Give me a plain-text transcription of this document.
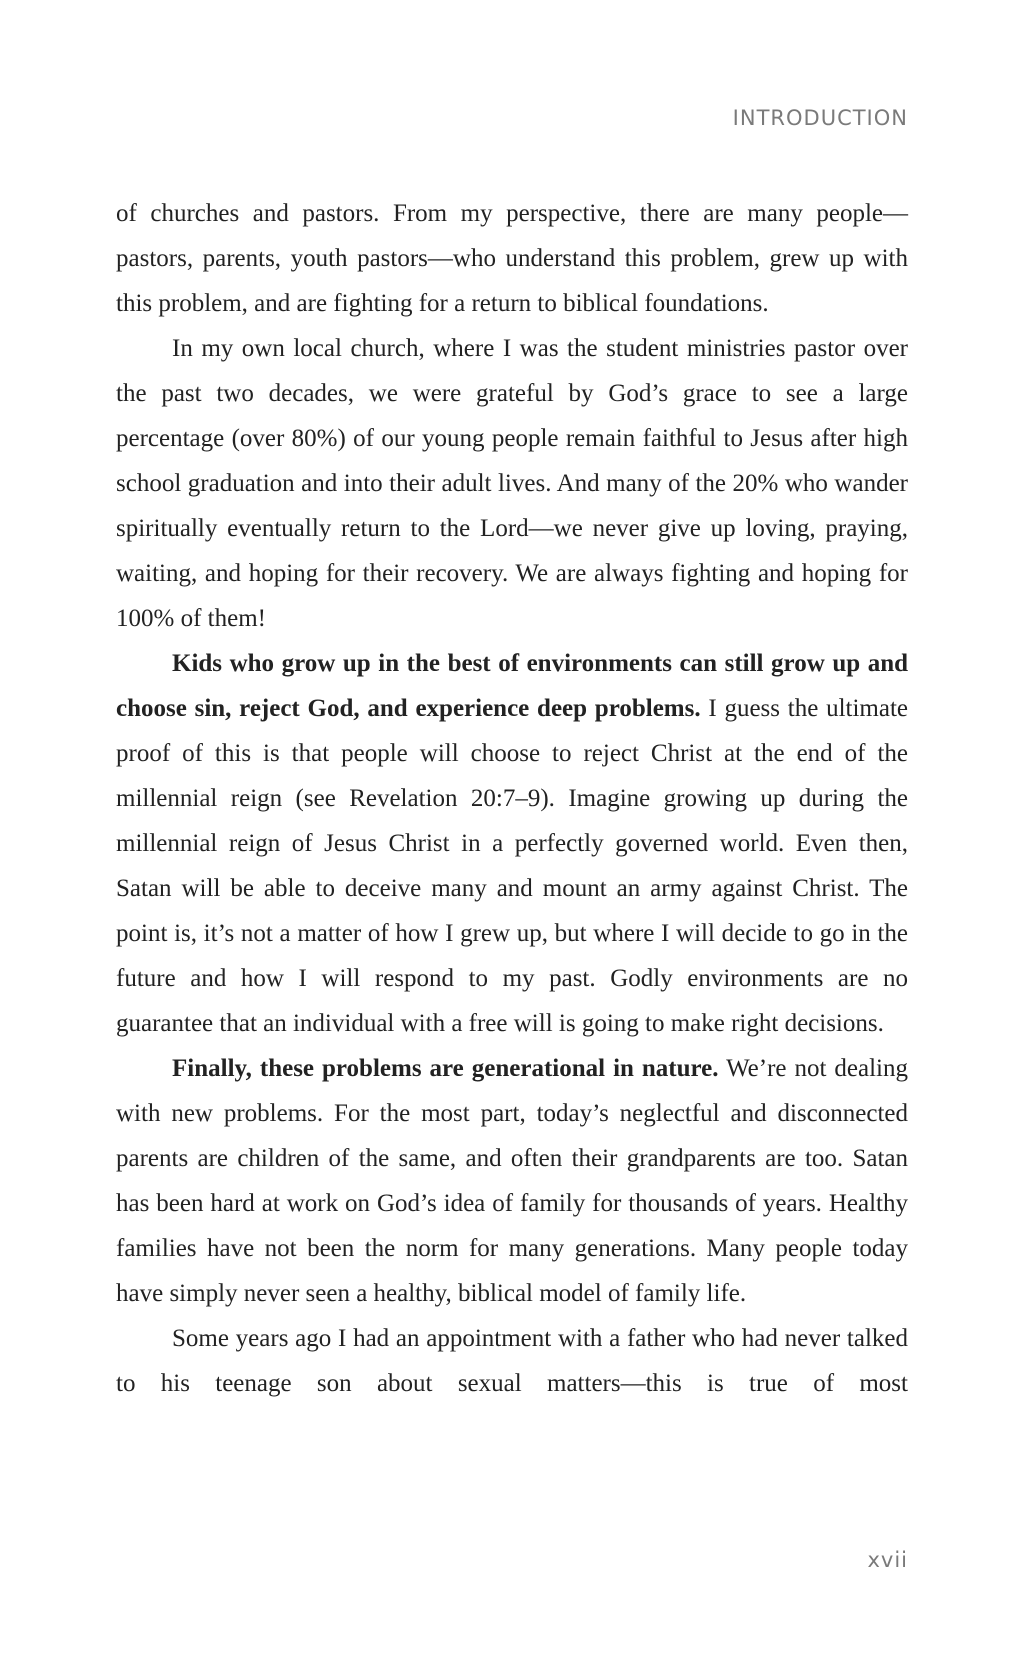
INTRODUCTION

of churches and pastors. From my perspective, there are many people—pastors, parents, youth pastors—who understand this problem, grew up with this problem, and are fighting for a return to biblical foundations.

In my own local church, where I was the student ministries pastor over the past two decades, we were grateful by God’s grace to see a large percentage (over 80%) of our young people remain faithful to Jesus after high school graduation and into their adult lives. And many of the 20% who wander spiritually eventually return to the Lord—we never give up loving, praying, waiting, and hoping for their recovery. We are always fighting and hoping for 100% of them!

Kids who grow up in the best of environments can still grow up and choose sin, reject God, and experience deep problems. I guess the ultimate proof of this is that people will choose to reject Christ at the end of the millennial reign (see Revelation 20:7–9). Imagine growing up during the millennial reign of Jesus Christ in a perfectly governed world. Even then, Satan will be able to deceive many and mount an army against Christ. The point is, it’s not a matter of how I grew up, but where I will decide to go in the future and how I will respond to my past. Godly environments are no guarantee that an individual with a free will is going to make right decisions.

Finally, these problems are generational in nature. We’re not dealing with new problems. For the most part, today’s neglectful and disconnected parents are children of the same, and often their grandparents are too. Satan has been hard at work on God’s idea of family for thousands of years. Healthy families have not been the norm for many generations. Many people today have simply never seen a healthy, biblical model of family life.

Some years ago I had an appointment with a father who had never talked to his teenage son about sexual matters—this is true of most

xvii
